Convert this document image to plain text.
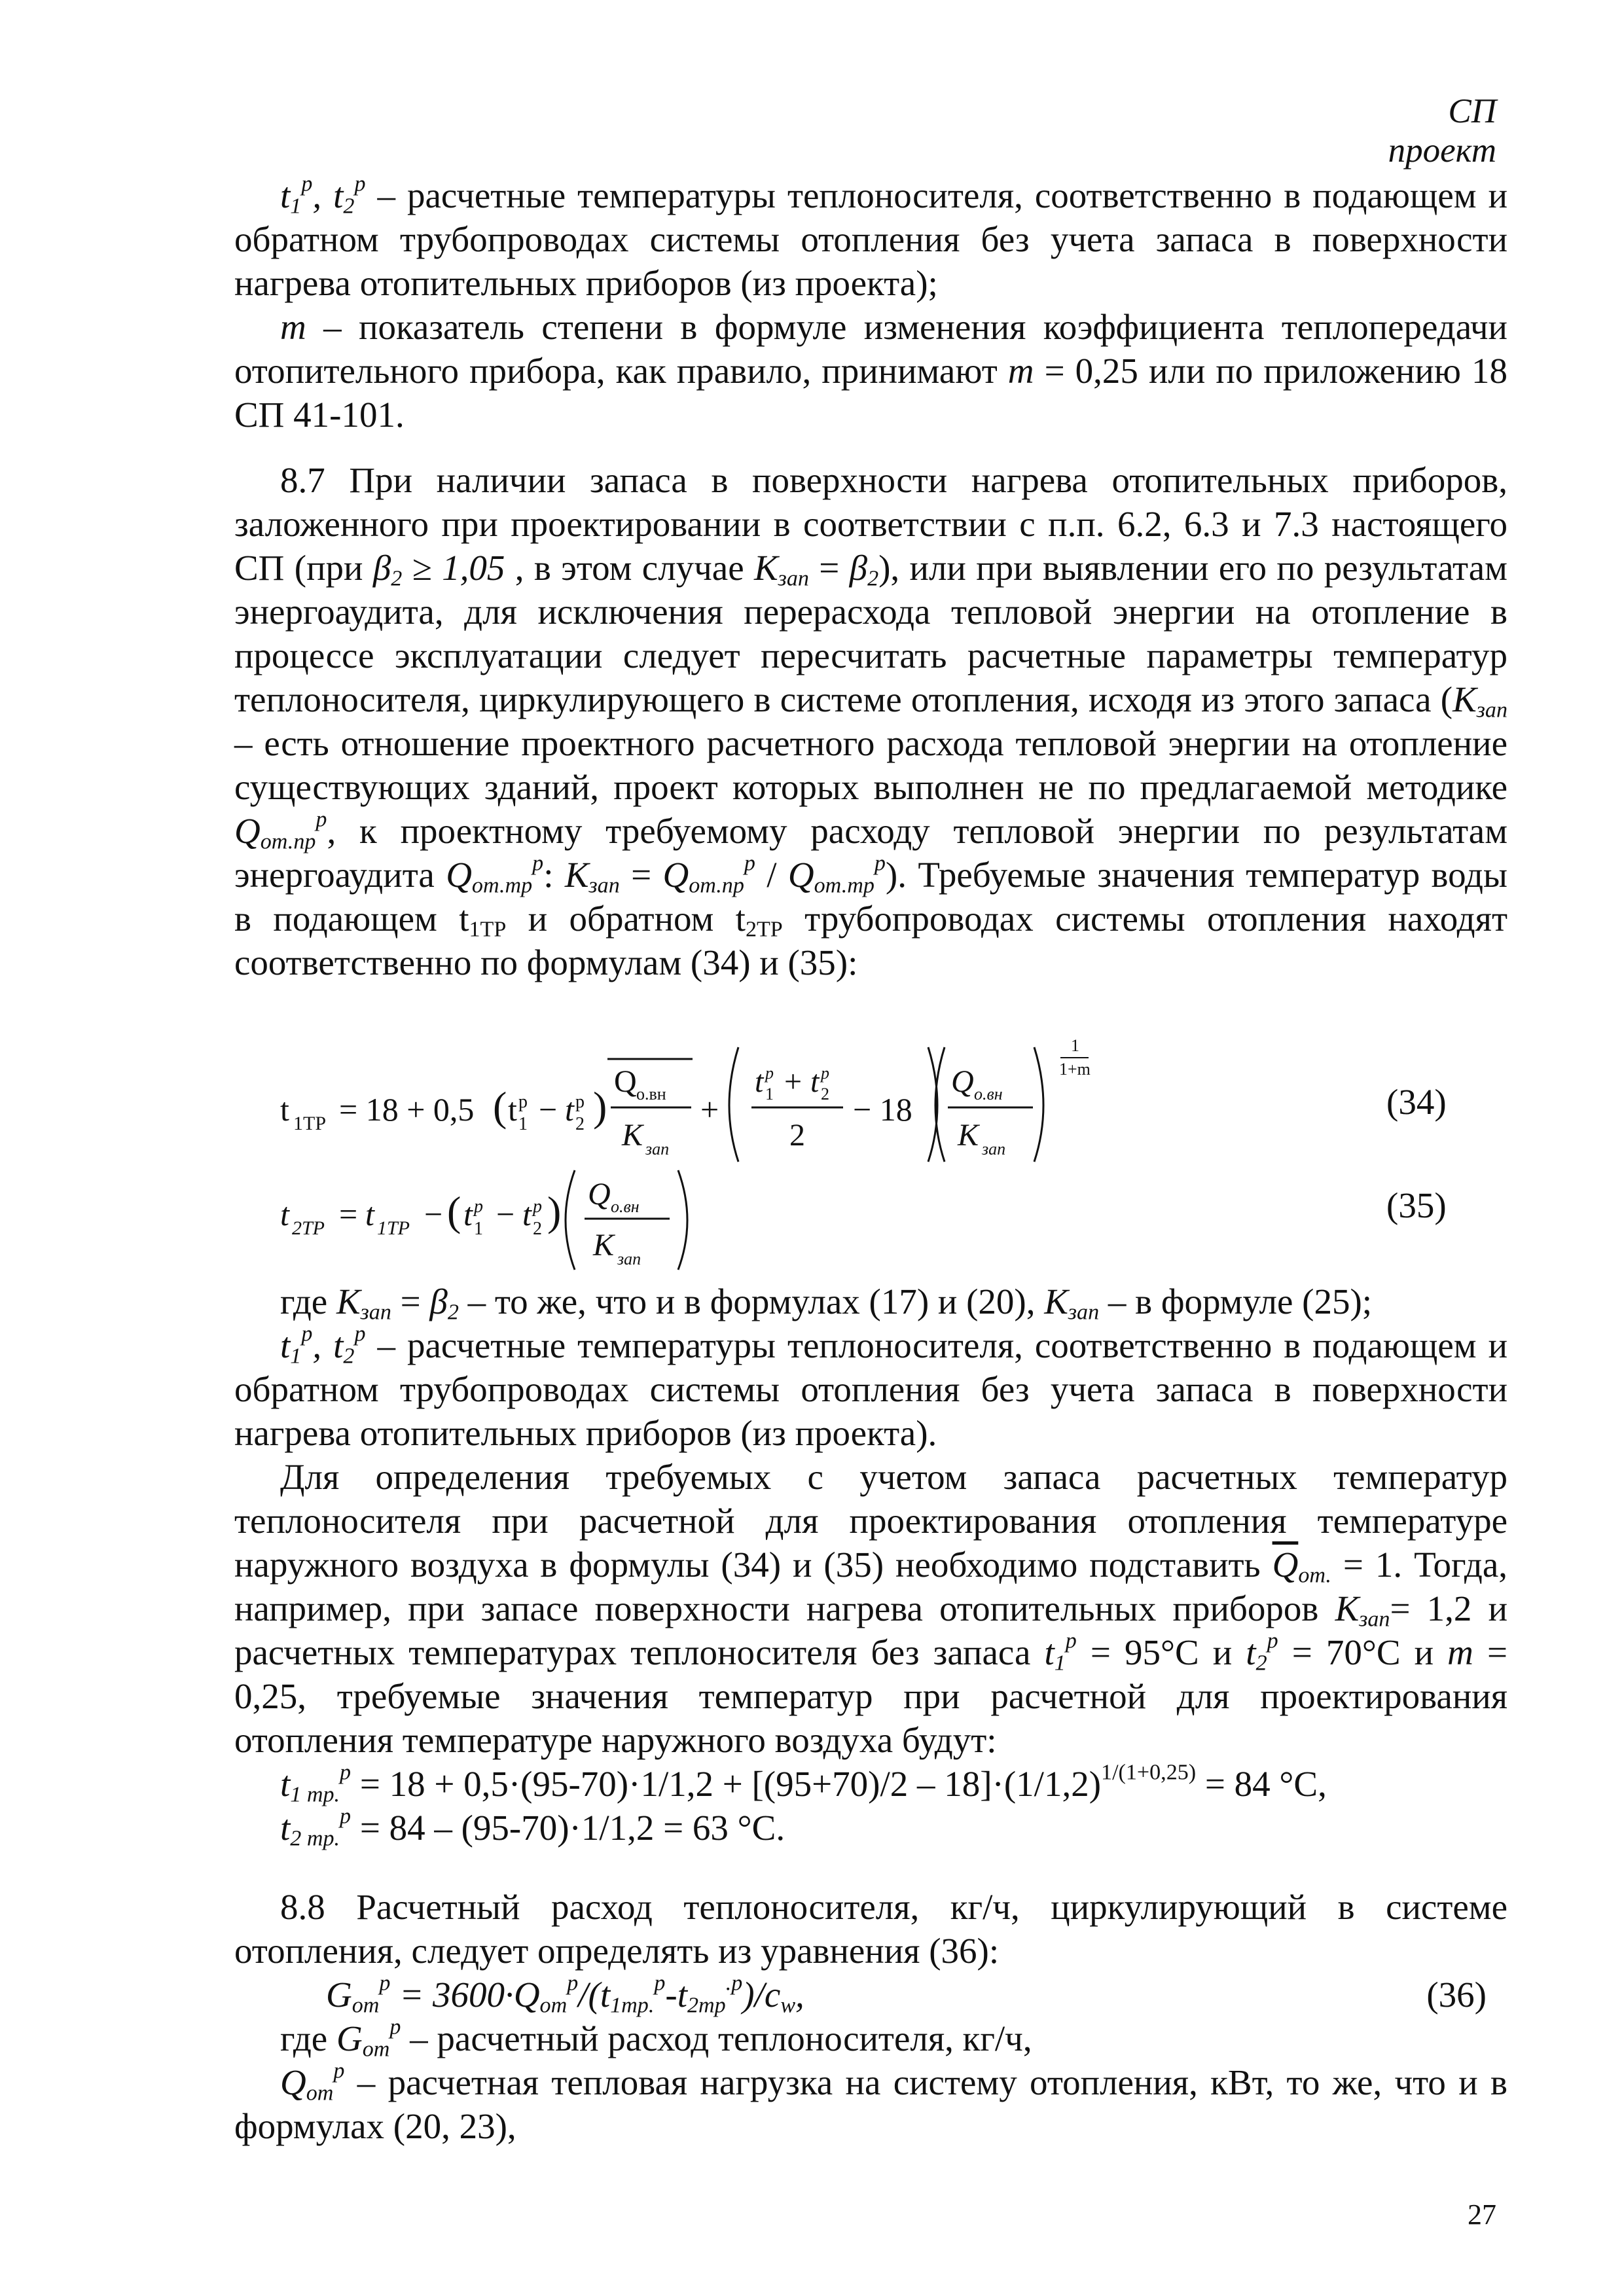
СП
проект

$t_1^p$, $t_2^p$ – расчетные температуры теплоносителя, соответственно в подающем и обратном трубопроводах системы отопления без учета запаса в поверхности нагрева отопительных приборов (из проекта);

m – показатель степени в формуле изменения коэффициента теплопередачи отопительного прибора, как правило, принимают m = 0,25 или по приложению 18 СП 41-101.

8.7 При наличии запаса в поверхности нагрева отопительных приборов, заложенного при проектировании в соответствии с п.п. 6.2, 6.3 и 7.3 настоящего СП (при $\beta_2 \ge 1,05$ , в этом случае $К_{зап} = \beta_2$), или при выявлении его по результатам энергоаудита, для исключения перерасхода тепловой энергии на отопление в процессе эксплуатации следует пересчитать расчетные параметры температур теплоносителя, циркулирующего в системе отопления, исходя из этого запаса ($К_{зап}$ – есть отношение проектного расчетного расхода тепловой энергии на отопление существующих зданий, проект которых выполнен не по предлагаемой методике $Q_{от.пр}^p$, к проектному требуемому расходу тепловой энергии по результатам энергоаудита $Q_{от.тр}^p$: $К_{зап} = Q_{от.пр}^p / Q_{от.тр}^p$). Требуемые значения температур воды в подающем $t_{1ТР}$ и обратном $t_{2ТР}$ трубопроводах системы отопления находят соответственно по формулам (34) и (35):

t 1ТР = 18 + 0,5 ( t p
1 − t p
2 )
Q о.вн
К зап
+
t p
1 + t p
2
2
− 18
Q о.вн
К зап
1
1+m
(34)
t 2ТР = t 1ТР − ( t p
1 − t p
2 ) Q о.вн
К зап
(35)

где $К_{зап} = \beta_2$ – то же, что и в формулах (17) и (20), $К_{зап}$ – в формуле (25);

$t_1^p$, $t_2^p$ – расчетные температуры теплоносителя, соответственно в подающем и обратном трубопроводах системы отопления без учета запаса в поверхности нагрева отопительных приборов (из проекта).

Для определения требуемых с учетом запаса расчетных температур теплоносителя при расчетной для проектирования отопления температуре наружного воздуха в формулы (34) и (35) необходимо подставить $\overline{Q}_{от.} = 1$. Тогда, например, при запасе поверхности нагрева отопительных приборов $К_{зап}= 1,2$ и расчетных температурах теплоносителя без запаса $t_1^p = 95^\circ С$ и $t_2^p = 70^\circ С$ и m = 0,25, требуемые значения температур при расчетной для проектирования отопления температуре наружного воздуха будут:

$t_{1 тр.}^p = 18 + 0,5\cdot(95-70)\cdot 1/1,2 + [(95+70)/2 - 18]\cdot(1/1,2)^{1/(1+0,25)} = 84$ °С,

$t_{2 тр.}^p = 84 - (95-70)\cdot 1/1,2 = 63$ °С.

8.8 Расчетный расход теплоносителя, кг/ч, циркулирующий в системе отопления, следует определять из уравнения (36):

$G_{от}^p = 3600\cdot Q_{от}^p/(t_{1тр.}^p-t_{2тр}^{.p})/c_w$,	(36)

где $G_{от}^p$ – расчетный расход теплоносителя, кг/ч,

$Q_{от}^p$ – расчетная тепловая нагрузка на систему отопления, кВт, то же, что и в формулах (20, 23),

27
